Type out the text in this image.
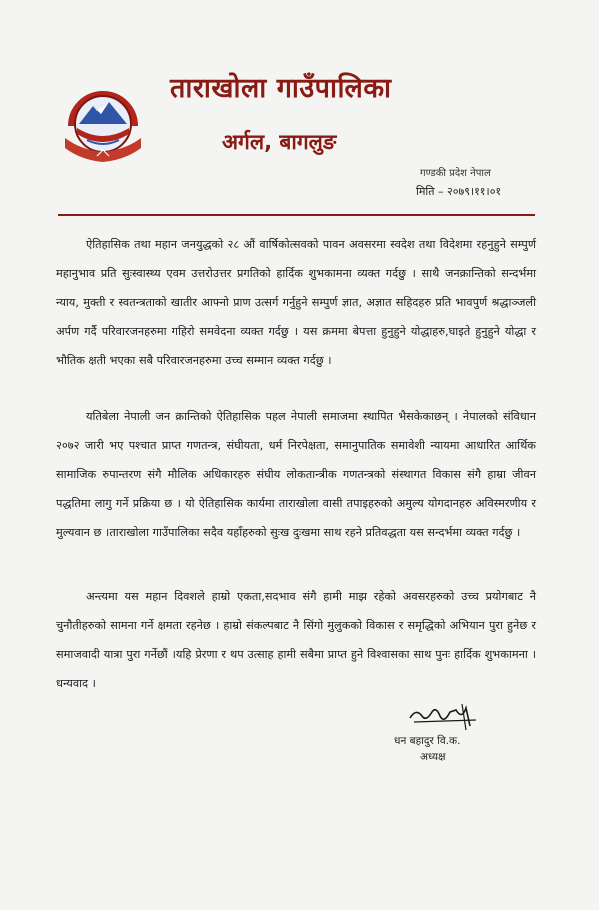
ताराखोला गाउँपालिका
अर्गल, बागलुङ
गण्डकी प्रदेश नेपाल
मिति – २०७९।११।०१

ऐतिहासिक तथा महान जनयुद्धको २८ औं वार्षिकोत्सवको पावन अवसरमा स्वदेश तथा विदेशमा रहनुहुने सम्पुर्ण महानुभाव प्रति सुःस्वास्थ्य एवम उत्तरोउत्तर प्रगतिको हार्दिक शुभकामना व्यक्त गर्दछु । साथै जनक्रान्तिको सन्दर्भमा न्याय, मुक्ती र स्वतन्त्रताको खातीर आफ्नो प्राण उत्सर्ग गर्नुहुने सम्पुर्ण ज्ञात, अज्ञात सहिदहरु प्रति भावपुर्ण श्रद्धाञ्जली अर्पण गर्दै परिवारजनहरुमा गहिरो समवेदना व्यक्त गर्दछु । यस क्रममा बेपत्ता हुनुहुने योद्धाहरु,घाइते हुनुहुने योद्धा र भौतिक क्षती भएका सबै परिवारजनहरुमा उच्च सम्मान व्यक्त गर्दछु ।

यतिबेला नेपाली जन क्रान्तिको ऐतिहासिक पहल नेपाली समाजमा स्थापित भैसकेकाछन् । नेपालको संविधान २०७२ जारी भए पश्चात प्राप्त गणतन्त्र, संघीयता, धर्म निरपेक्षता, समानुपातिक समावेशी न्यायमा आधारित आर्थिक सामाजिक रुपान्तरण संगै मौलिक अधिकारहरु संघीय लोकतान्त्रीक गणतन्त्रको संस्थागत विकास संगै हाम्रा जीवन पद्धतिमा लागु गर्ने प्रक्रिया छ । यो ऐतिहासिक कार्यमा ताराखोला वासी तपाइहरुको अमुल्य योगदानहरु अविस्मरणीय र मुल्यवान छ ।ताराखोला गाउँपालिका सदैव यहाँहरुको सुःख दुःखमा साथ रहने प्रतिवद्धता यस सन्दर्भमा व्यक्त गर्दछु ।

अन्त्यमा यस महान दिवशले हाम्रो एकता,सदभाव संगै हामी माझ रहेको अवसरहरुको उच्च प्रयोगबाट नै चुनौतीहरुको सामना गर्ने क्षमता रहनेछ । हाम्रो संकल्पबाट नै सिंगो मुलुकको विकास र समृद्धिको अभियान पुरा हुनेछ र समाजवादी यात्रा पुरा गर्नेछौं ।यहि प्रेरणा र थप उत्साह हामी सबैमा प्राप्त हुने विश्वासका साथ पुनः हार्दिक शुभकामना । धन्यवाद ।

धन बहादुर वि.क.
अध्यक्ष
